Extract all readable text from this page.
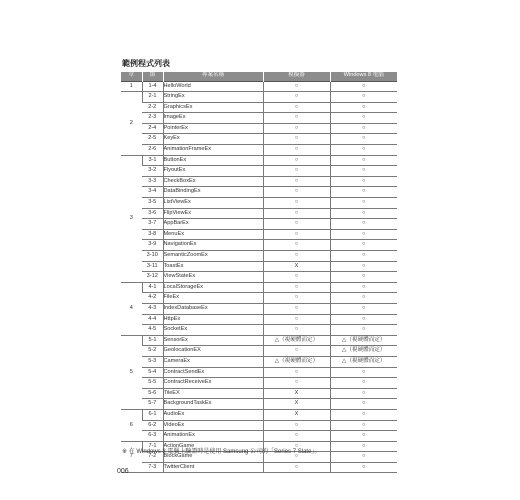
範例程式列表
章	節	專案名稱	模擬器	Windows 8 電腦
1	1-4	HelloWorld	○	○
2	2-1	StringEx	○	○
	2-2	GraphicsEx	○	○
	2-3	ImageEx	○	○
	2-4	PointerEx	○	○
	2-5	KeyEx	○	○
	2-6	AnimationFrameEx	○	○
3	3-1	ButtonEx	○	○
	3-2	FlyoutEx	○	○
	3-3	CheckBoxEx	○	○
	3-4	DataBindingEx	○	○
	3-5	ListViewEx	○	○
	3-6	FlipViewEx	○	○
	3-7	AppBarEx	○	○
	3-8	MenuEx	○	○
	3-9	NavigationEx	○	○
	3-10	SemanticZoomEx	○	○
	3-11	ToastEx	X	○
	3-12	ViewStateEx	○	○
4	4-1	LocalStorageEx	○	○
	4-2	FileEx	○	○
	4-3	IndexDatabaseEx	○	○
	4-4	HttpEx	○	○
	4-5	SocketEx	○	○
5	5-1	SensorEx	△（視硬體而定）	△（視硬體而定）
	5-2	GeolocationEX	○	△（視硬體而定）
	5-3	CameraEx	△（視硬體而定）	△（視硬體而定）
	5-4	ContractSendEx	○	○
	5-5	ContractReceiveEx	○	○
	5-6	TileEX	X	○
	5-7	BackgroundTaskEx	X	○
6	6-1	AudioEx	X	○
	6-2	VideoEx	○	○
	6-3	AnimationEx	○	○
7	7-1	ActionGame	○	○
	7-2	BlockGame	○	○
	7-3	TwitterClient	○	○
※ 在 Windows 8 電腦上驗證時是使用 Samsung 公司的「Series 7 Slate」。
006
